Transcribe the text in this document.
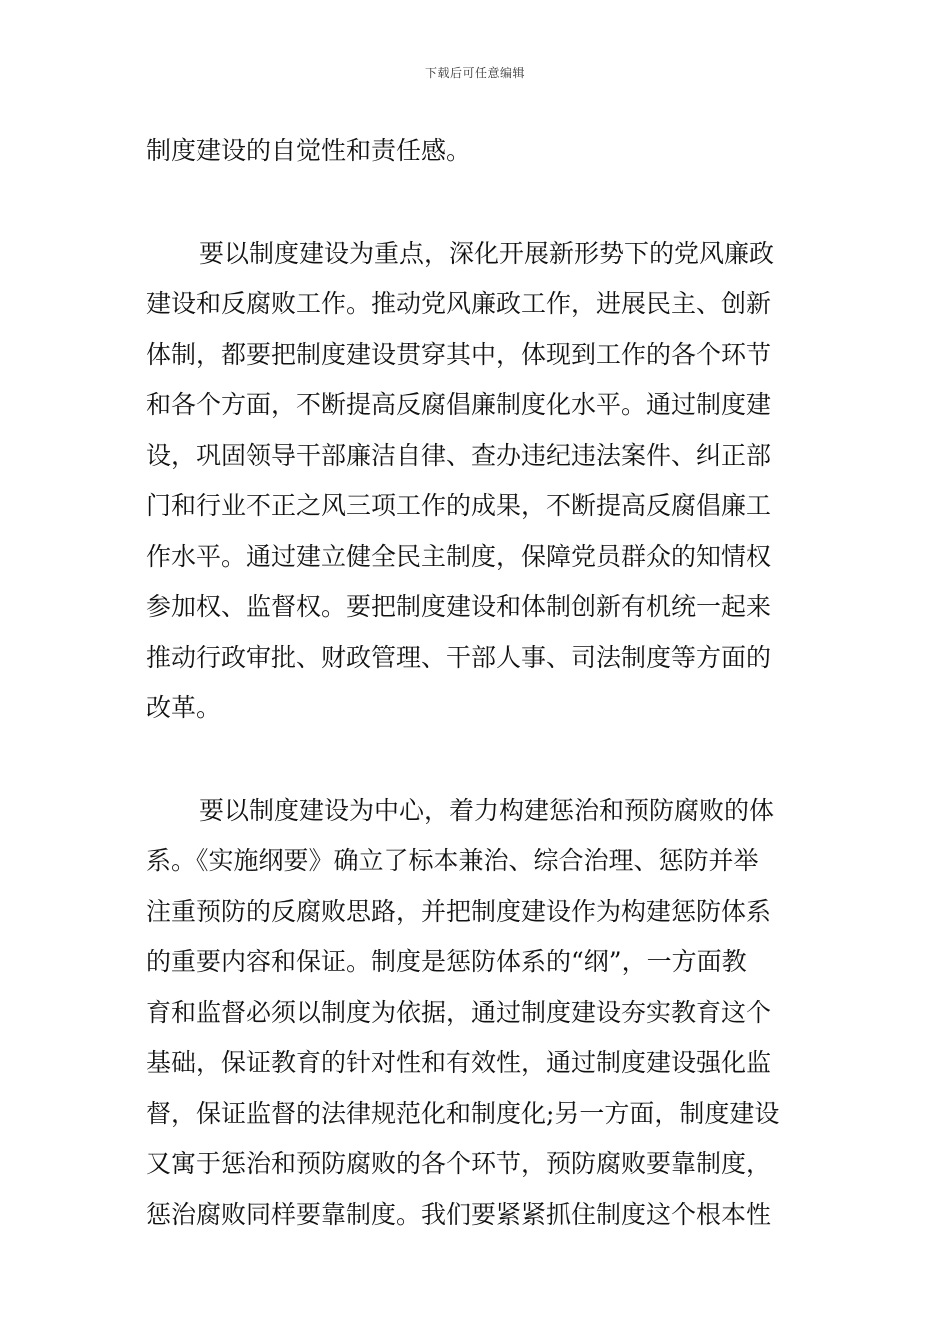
下载后可任意编辑
制度建设的自觉性和责任感。
要以制度建设为重点，深化开展新形势下的党风廉政
建设和反腐败工作。推动党风廉政工作，进展民主、创新
体制，都要把制度建设贯穿其中，体现到工作的各个环节
和各个方面，不断提高反腐倡廉制度化水平。通过制度建
设，巩固领导干部廉洁自律、查办违纪违法案件、纠正部
门和行业不正之风三项工作的成果，不断提高反腐倡廉工
作水平。通过建立健全民主制度，保障党员群众的知情权
参加权、监督权。要把制度建设和体制创新有机统一起来
推动行政审批、财政管理、干部人事、司法制度等方面的
改革。
要以制度建设为中心，着力构建惩治和预防腐败的体
系。《实施纲要》确立了标本兼治、综合治理、惩防并举
注重预防的反腐败思路，并把制度建设作为构建惩防体系
的重要内容和保证。制度是惩防体系的“纲”，一方面教
育和监督必须以制度为依据，通过制度建设夯实教育这个
基础，保证教育的针对性和有效性，通过制度建设强化监
督，保证监督的法律规范化和制度化;另一方面，制度建设
又寓于惩治和预防腐败的各个环节，预防腐败要靠制度，
惩治腐败同样要靠制度。我们要紧紧抓住制度这个根本性
